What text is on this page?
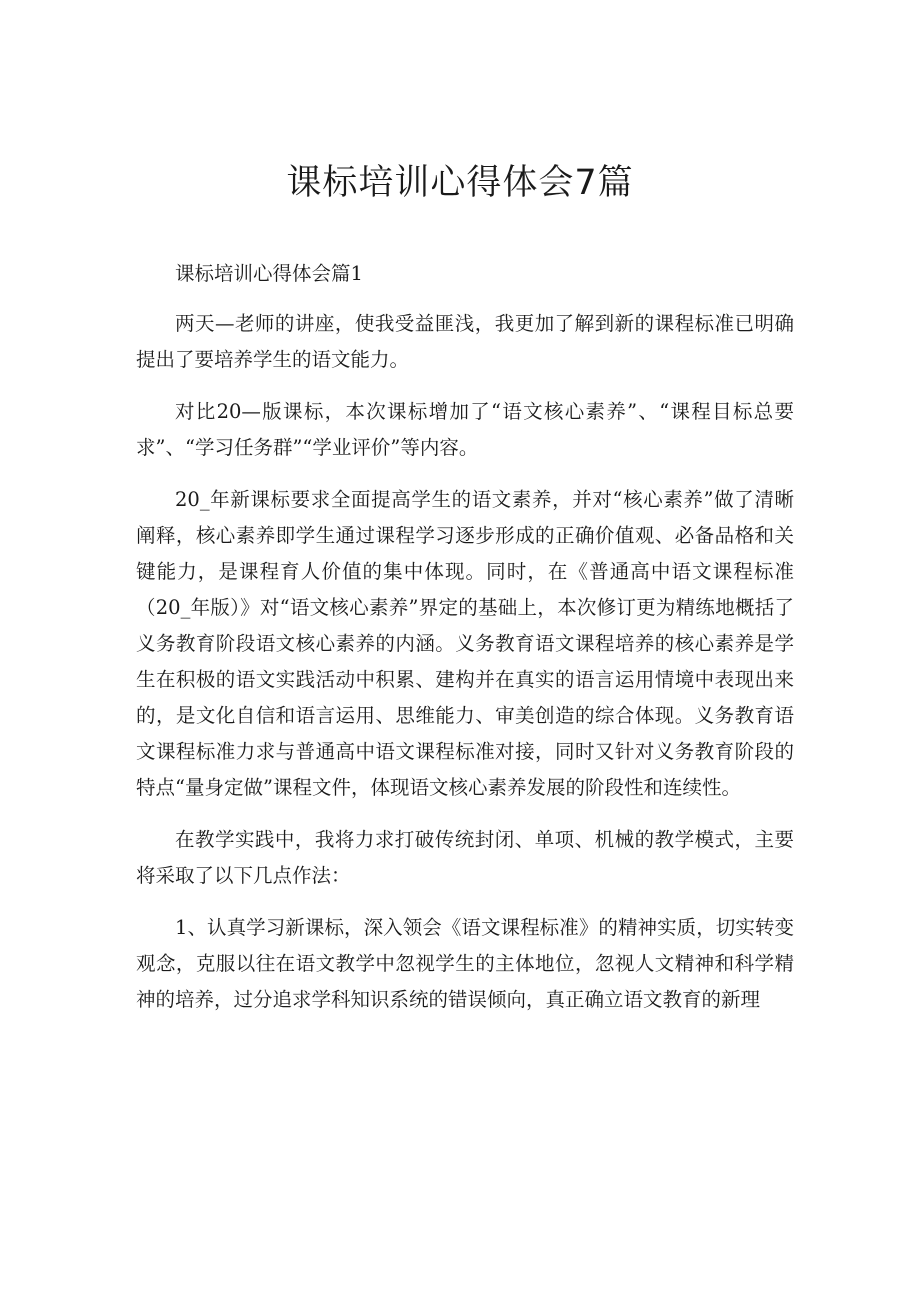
课标培训心得体会7篇

课标培训心得体会篇1

两天—老师的讲座，使我受益匪浅，我更加了解到新的课程标准已明确提出了要培养学生的语文能力。

对比20—版课标，本次课标增加了“语文核心素养”、“课程目标总要求”、“学习任务群”“学业评价”等内容。

20_年新课标要求全面提高学生的语文素养，并对“核心素养”做了清晰阐释，核心素养即学生通过课程学习逐步形成的正确价值观、必备品格和关键能力，是课程育人价值的集中体现。同时，在《普通高中语文课程标准（20_年版）》对“语文核心素养”界定的基础上，本次修订更为精练地概括了义务教育阶段语文核心素养的内涵。义务教育语文课程培养的核心素养是学生在积极的语文实践活动中积累、建构并在真实的语言运用情境中表现出来的，是文化自信和语言运用、思维能力、审美创造的综合体现。义务教育语文课程标准力求与普通高中语文课程标准对接，同时又针对义务教育阶段的特点“量身定做”课程文件，体现语文核心素养发展的阶段性和连续性。

在教学实践中，我将力求打破传统封闭、单项、机械的教学模式，主要将采取了以下几点作法：

1、认真学习新课标，深入领会《语文课程标准》的精神实质，切实转变观念，克服以往在语文教学中忽视学生的主体地位，忽视人文精神和科学精神的培养，过分追求学科知识系统的错误倾向，真正确立语文教育的新理
